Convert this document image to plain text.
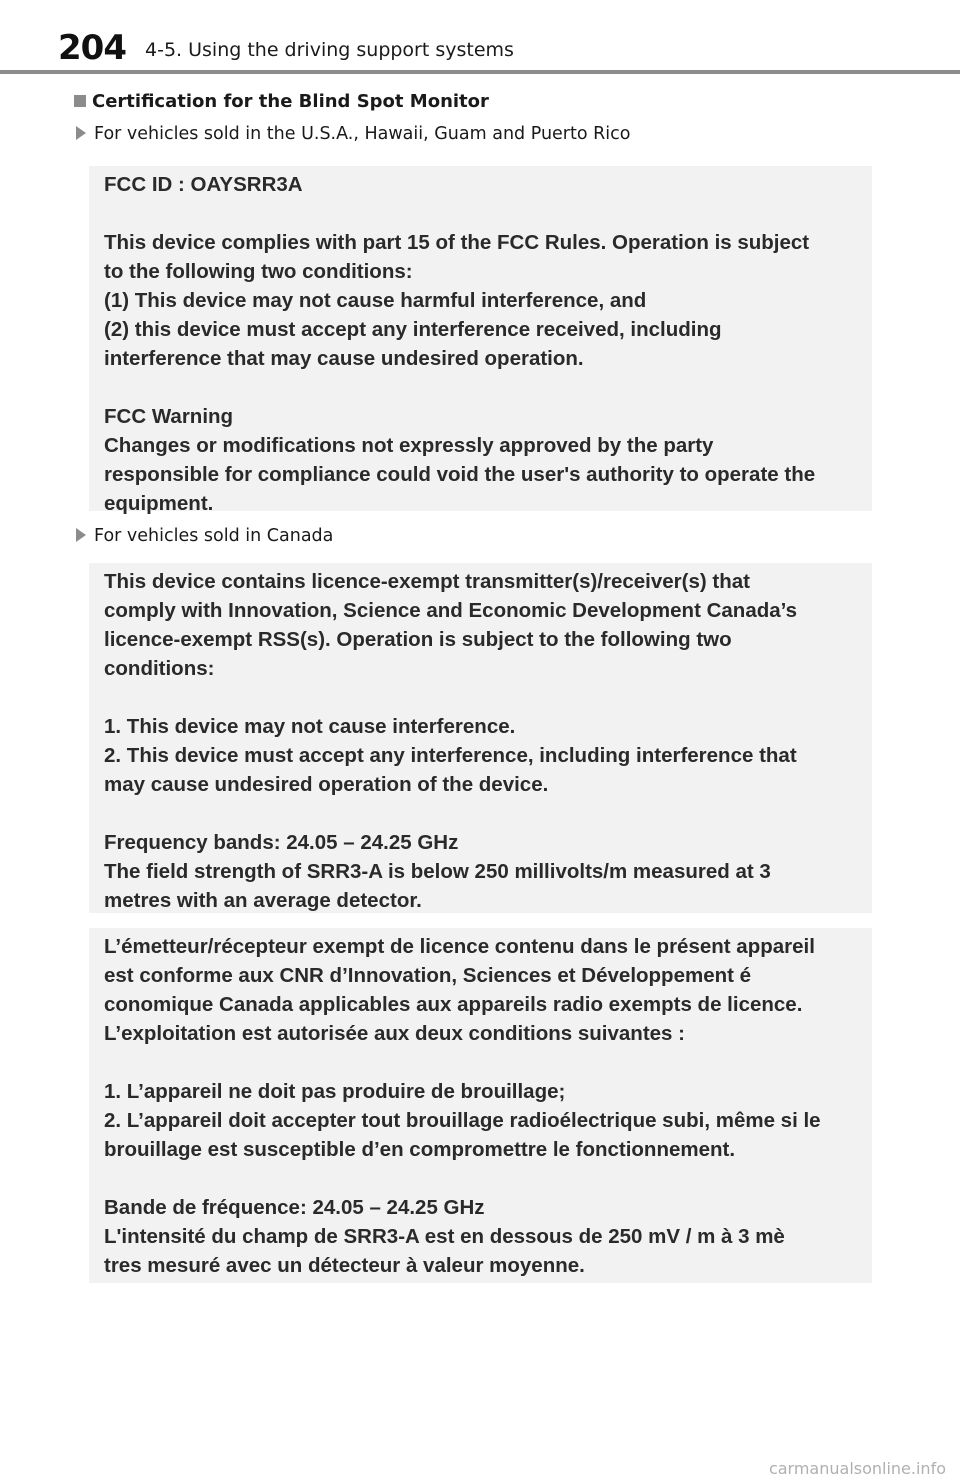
204 4-5. Using the driving support systems
Certification for the Blind Spot Monitor
For vehicles sold in the U.S.A., Hawaii, Guam and Puerto Rico

FCC ID : OAYSRR3A

This device complies with part 15 of the FCC Rules. Operation is subject

to the following two conditions:

(1) This device may not cause harmful interference, and

(2) this device must accept any interference received, including

interference that may cause undesired operation.

FCC Warning

Changes or modifications not expressly approved by the party

responsible for compliance could void the user's authority to operate the

equipment.

For vehicles sold in Canada

This device contains licence-exempt transmitter(s)/receiver(s) that

comply with Innovation, Science and Economic Development Canada’s

licence-exempt RSS(s). Operation is subject to the following two

conditions:

1. This device may not cause interference.

2. This device must accept any interference, including interference that

may cause undesired operation of the device.

Frequency bands: 24.05 – 24.25 GHz

The field strength of SRR3-A is below 250 millivolts/m measured at 3

metres with an average detector.

L’émetteur/récepteur exempt de licence contenu dans le présent appareil

est conforme aux CNR d’Innovation, Sciences et Développement é

conomique Canada applicables aux appareils radio exempts de licence.

L’exploitation est autorisée aux deux conditions suivantes :

1. L’appareil ne doit pas produire de brouillage;

2. L’appareil doit accepter tout brouillage radioélectrique subi, même si le

brouillage est susceptible d’en compromettre le fonctionnement.

Bande de fréquence: 24.05 – 24.25 GHz

L'intensité du champ de SRR3-A est en dessous de 250 mV / m à 3 mè

tres mesuré avec un détecteur à valeur moyenne.

carmanualsonline.info
